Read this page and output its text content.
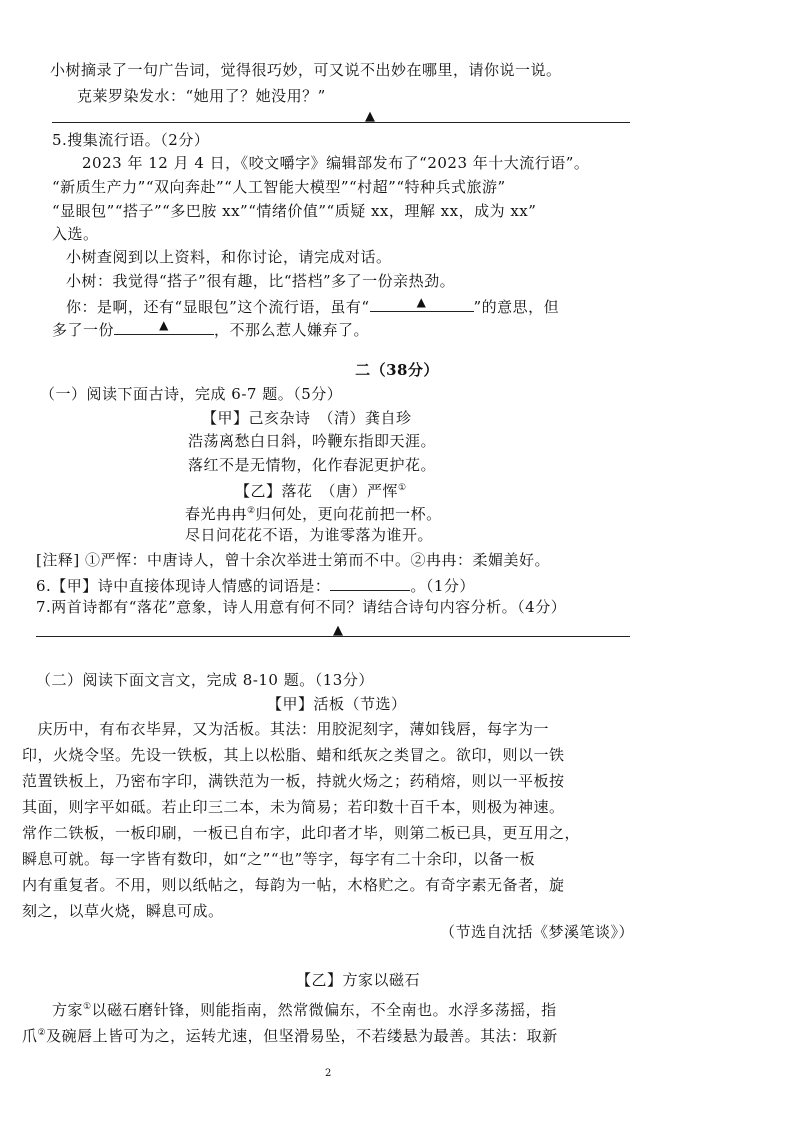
小树摘录了一句广告词，觉得很巧妙，可又说不出妙在哪里，请你说一说。
克莱罗染发水：“她用了？她没用？”
▲
5.搜集流行语。（2分）
2023 年 12 月 4 日，《咬文嚼字》编辑部发布了“2023 年十大流行语”。
“新质生产力”“双向奔赴”“人工智能大模型”“村超”“特种兵式旅游”
“显眼包”“搭子”“多巴胺 xx”“情绪价值”“质疑 xx，理解 xx，成为 xx”
入选。
小树查阅到以上资料，和你讨论，请完成对话。
小树：我觉得“搭子”很有趣，比“搭档”多了一份亲热劲。
你：是啊，还有“显眼包”这个流行语，虽有“	▲	”的意思，但
多了一份	▲	，不那么惹人嫌弃了。
二（38分）
（一）阅读下面古诗，完成 6-7 题。（5分）
【甲】己亥杂诗　（清）龚自珍
浩荡离愁白日斜，吟鞭东指即天涯。
落红不是无情物，化作春泥更护花。
【乙】落花　（唐）严恽①
春光冉冉②归何处，更向花前把一杯。
尽日问花花不语，为谁零落为谁开。
[注释] ①严恽：中唐诗人，曾十余次举进士第而不中。②冉冉：柔媚美好。
6.【甲】诗中直接体现诗人情感的词语是：	。（1分）
7.两首诗都有“落花”意象，诗人用意有何不同？请结合诗句内容分析。（4分）
▲
（二）阅读下面文言文，完成 8-10 题。（13分）
【甲】活板（节选）
　庆历中，有布衣毕昇，又为活板。其法：用胶泥刻字，薄如钱唇，每字为一
印，火烧令坚。先设一铁板，其上以松脂、蜡和纸灰之类冒之。欲印，则以一铁
范置铁板上，乃密布字印，满铁范为一板，持就火炀之；药稍熔，则以一平板按
其面，则字平如砥。若止印三二本，未为简易；若印数十百千本，则极为神速。
常作二铁板，一板印刷，一板已自布字，此印者才毕，则第二板已具，更互用之，
瞬息可就。每一字皆有数印，如“之”“也”等字，每字有二十余印，以备一板
内有重复者。不用，则以纸帖之，每韵为一帖，木格贮之。有奇字素无备者，旋
刻之，以草火烧，瞬息可成。
（节选自沈括《梦溪笔谈》）
【乙】方家以磁石
方家①以磁石磨针锋，则能指南，然常微偏东，不全南也。水浮多荡摇，指
爪②及碗唇上皆可为之，运转尤速，但坚滑易坠，不若缕悬为最善。其法：取新
2
